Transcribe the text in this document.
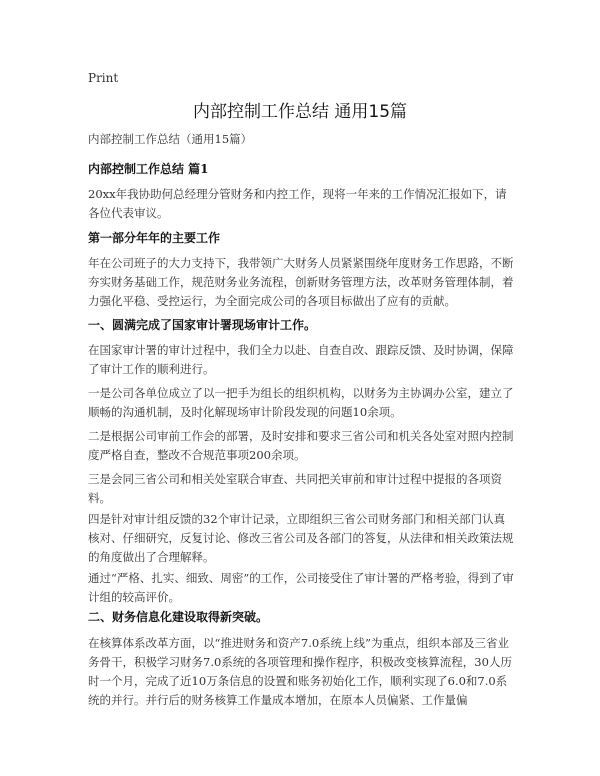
Print
内部控制工作总结 通用15篇

内部控制工作总结（通用15篇）

内部控制工作总结 篇1

20xx年我协助何总经理分管财务和内控工作，现将一年来的工作情况汇报如下，请各位代表审议。

第一部分年年的主要工作

年在公司班子的大力支持下，我带领广大财务人员紧紧围绕年度财务工作思路，不断夯实财务基础工作，规范财务业务流程，创新财务管理方法，改革财务管理体制，着力强化平稳、受控运行，为全面完成公司的各项目标做出了应有的贡献。

一、圆满完成了国家审计署现场审计工作。

在国家审计署的审计过程中，我们全力以赴、自查自改、跟踪反馈、及时协调，保障了审计工作的顺利进行。

一是公司各单位成立了以一把手为组长的组织机构，以财务为主协调办公室，建立了顺畅的沟通机制，及时化解现场审计阶段发现的问题10余项。

二是根据公司审前工作会的部署，及时安排和要求三省公司和机关各处室对照内控制度严格自查，整改不合规范事项200余项。

三是会同三省公司和相关处室联合审查、共同把关审前和审计过程中提报的各项资料。

四是针对审计组反馈的32个审计记录，立即组织三省公司财务部门和相关部门认真核对、仔细研究，反复讨论、修改三省公司及各部门的答复，从法律和相关政策法规的角度做出了合理解释。

通过“严格、扎实、细致、周密”的工作，公司接受住了审计署的严格考验，得到了审计组的较高评价。

二、财务信息化建设取得新突破。

在核算体系改革方面，以“推进财务和资产7.0系统上线”为重点，组织本部及三省业务骨干，积极学习财务7.0系统的各项管理和操作程序，积极改变核算流程，30人历时一个月，完成了近10万条信息的设置和账务初始化工作，顺利实现了6.0和7.0系统的并行。并行后的财务核算工作量成本增加，在原本人员偏紧、工作量偏
